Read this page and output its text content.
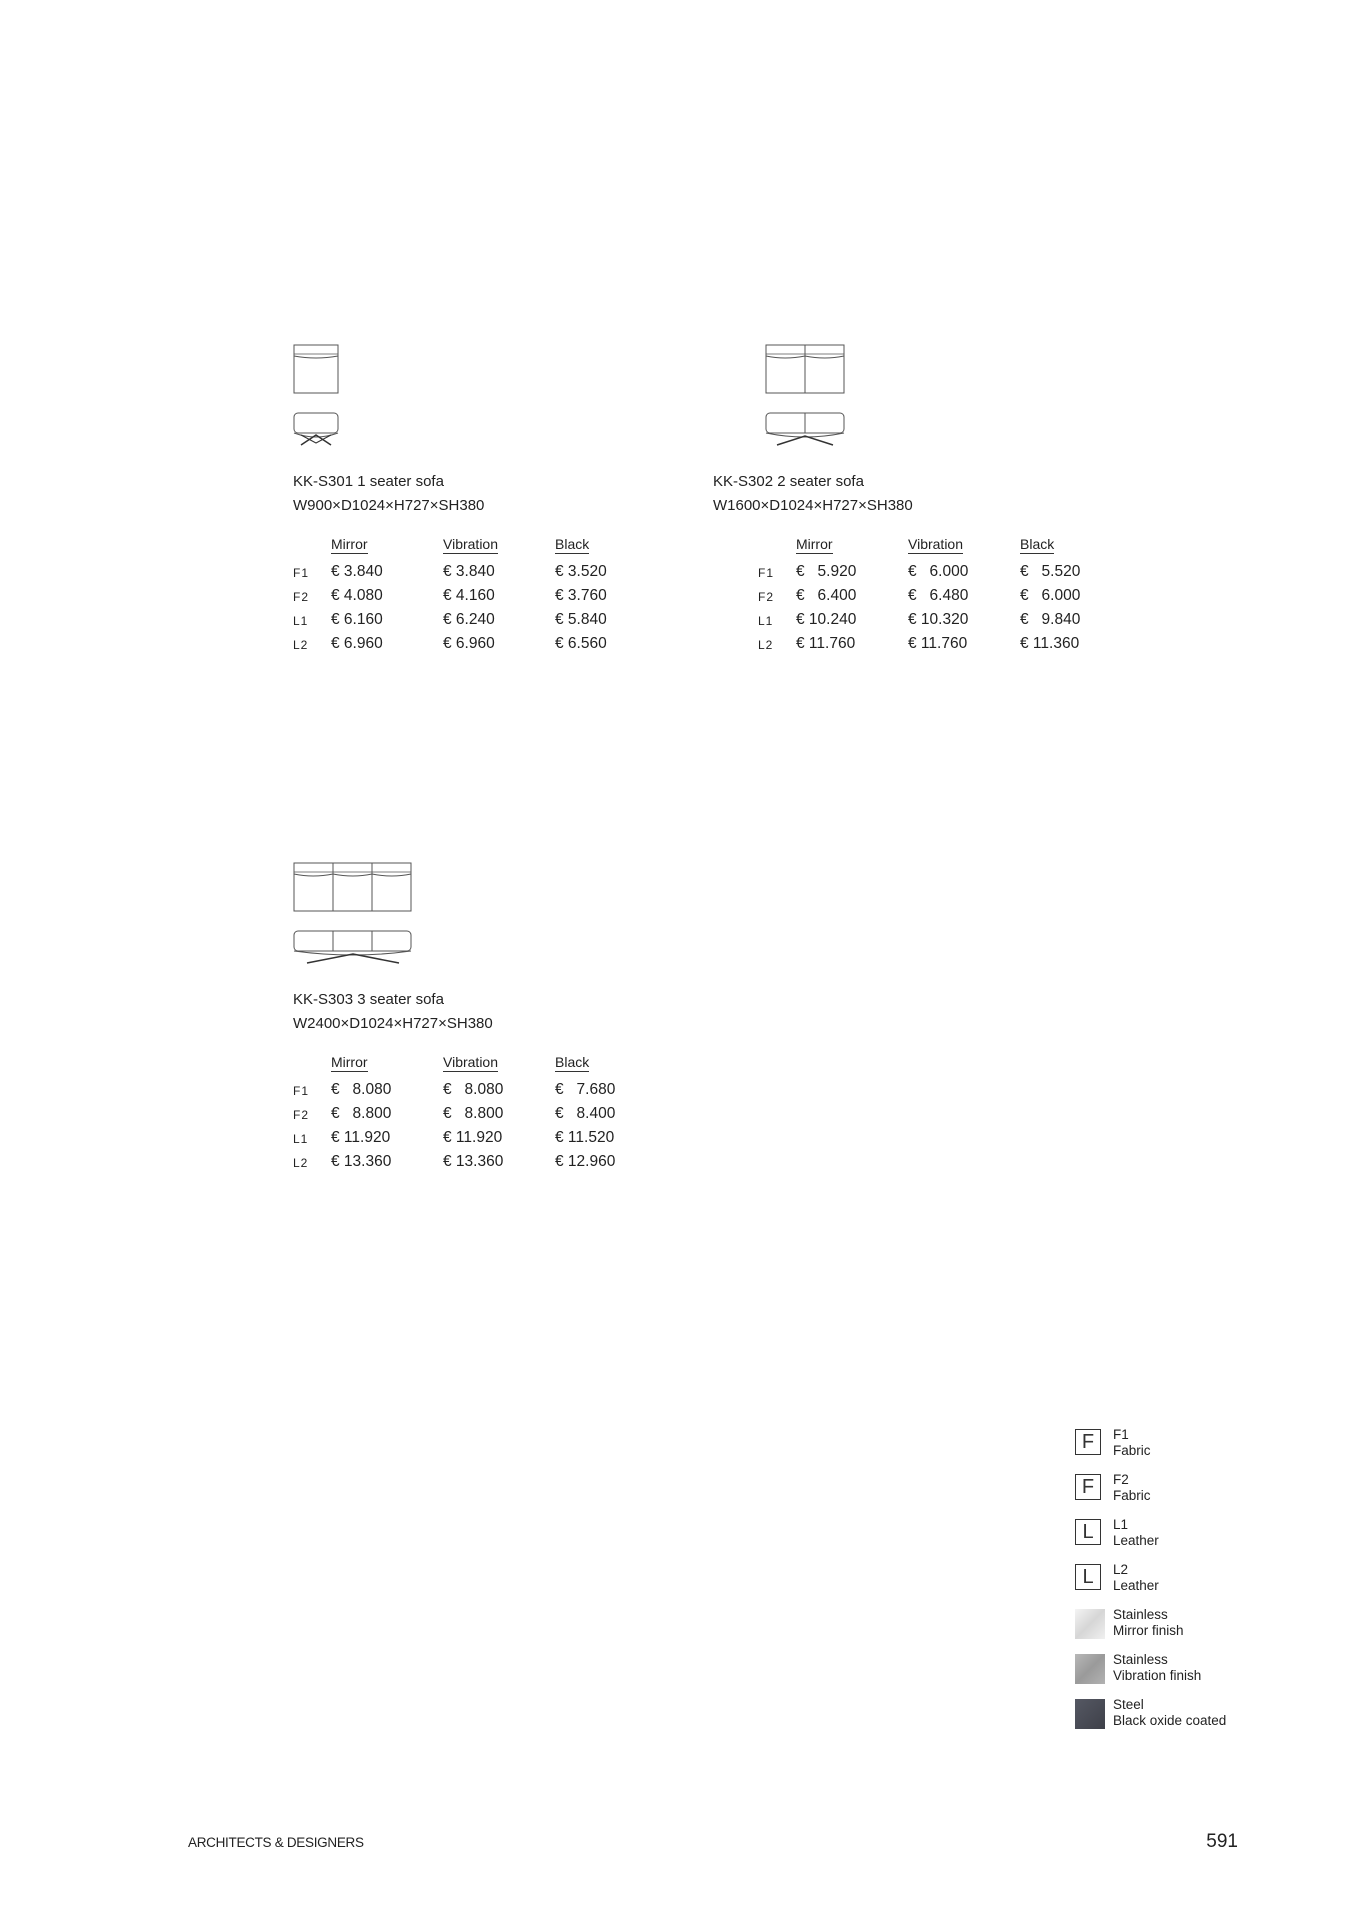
KK-S301 1 seater sofa
W900×D1024×H727×SH380
Mirror	Vibration	Black
F1 € 3.840	€ 3.840	€ 3.520
F2 € 4.080	€ 4.160	€ 3.760
L1 € 6.160	€ 6.240	€ 5.840
L2 € 6.960	€ 6.960	€ 6.560
KK-S302 2 seater sofa
W1600×D1024×H727×SH380
Mirror	Vibration	Black
F1 €   5.920	€   6.000	€   5.520
F2 €   6.400	€   6.480	€   6.000
L1 € 10.240	€ 10.320	€   9.840
L2 € 11.760	€ 11.760	€ 11.360
KK-S303 3 seater sofa
W2400×D1024×H727×SH380
Mirror	Vibration	Black
F1 €   8.080	€   8.080	€   7.680
F2 €   8.800	€   8.800	€   8.400
L1 € 11.920	€ 11.920	€ 11.520
L2 € 13.360	€ 13.360	€ 12.960
F	F1
Fabric
F	F2
Fabric
L	L1
Leather
L	L2
Leather
Stainless
Mirror finish
Stainless
Vibration finish
Steel
Black oxide coated
ARCHITECTS & DESIGNERS	591
